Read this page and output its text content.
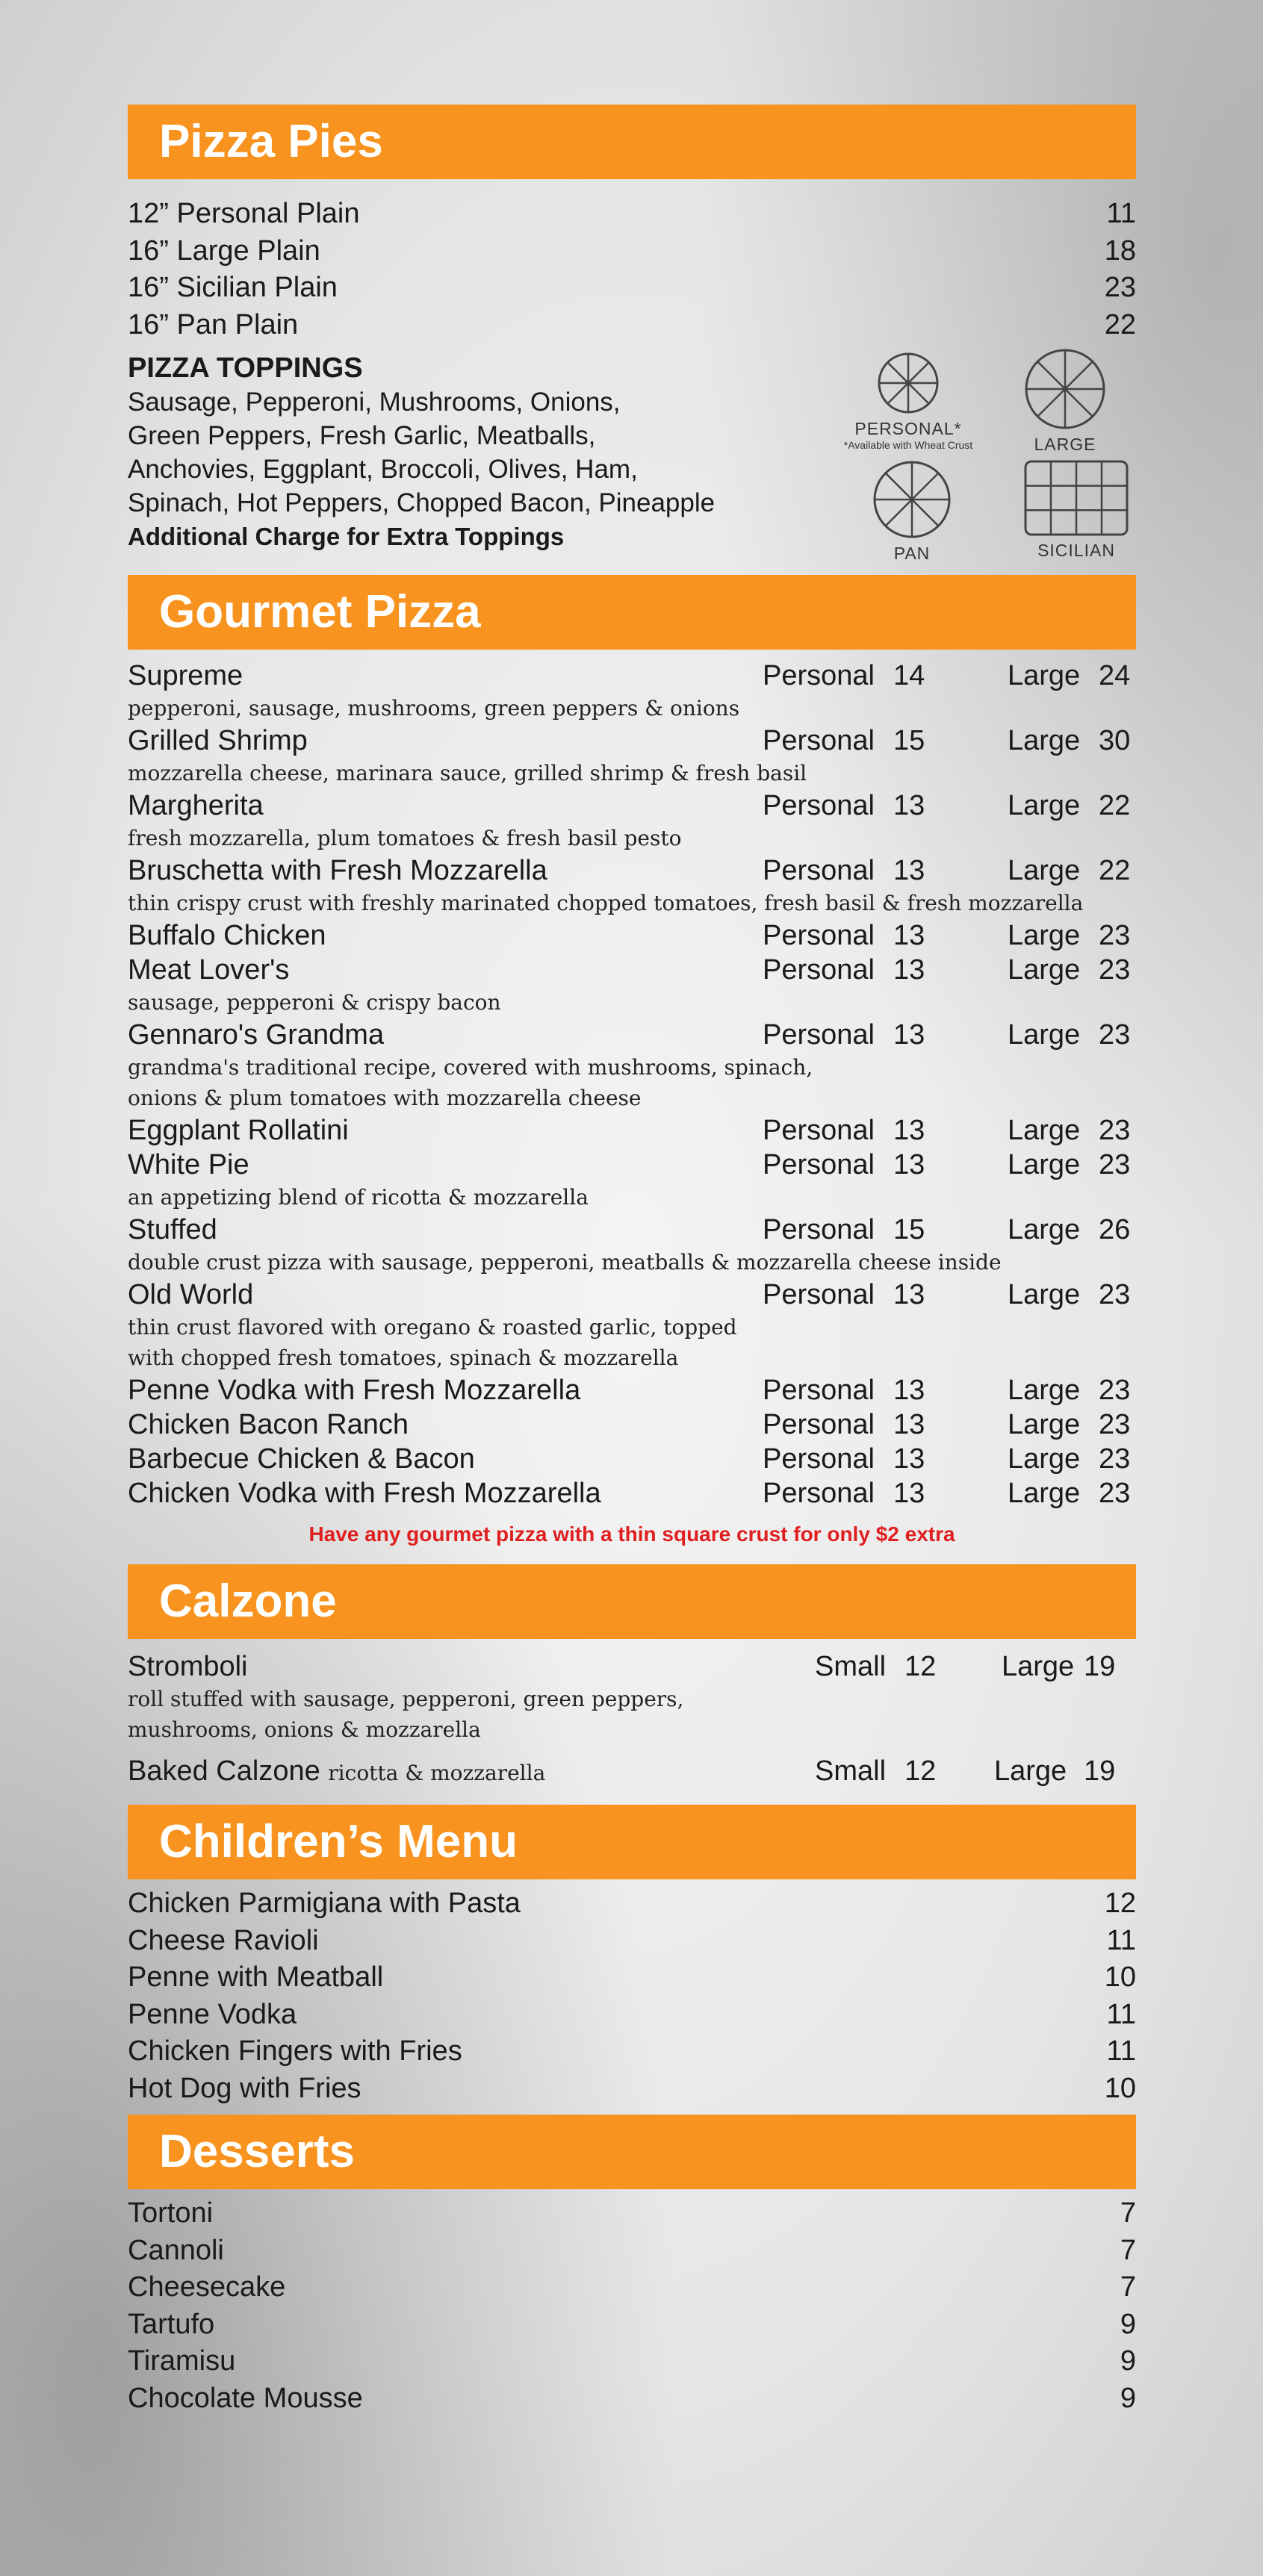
Pizza Pies
12” Personal Plain	11
16” Large Plain	18
16” Sicilian Plain	23
16” Pan Plain	22
PIZZA TOPPINGS
Sausage, Pepperoni, Mushrooms, Onions,
Green Peppers, Fresh Garlic, Meatballs,
Anchovies, Eggplant, Broccoli, Olives, Ham,
Spinach, Hot Peppers, Chopped Bacon, Pineapple
Additional Charge for Extra Toppings
PERSONAL*
*Available with Wheat Crust	LARGE
PAN	SICILIAN
Gourmet Pizza
Supreme	Personal 14	Large 24
pepperoni, sausage, mushrooms, green peppers & onions
Grilled Shrimp	Personal 15	Large 30
mozzarella cheese, marinara sauce, grilled shrimp & fresh basil
Margherita	Personal 13	Large 22
fresh mozzarella, plum tomatoes & fresh basil pesto
Bruschetta with Fresh Mozzarella	Personal 13	Large 22
thin crispy crust with freshly marinated chopped tomatoes, fresh basil & fresh mozzarella
Buffalo Chicken	Personal 13	Large 23
Meat Lover's	Personal 13	Large 23
sausage, pepperoni & crispy bacon
Gennaro's Grandma	Personal 13	Large 23
grandma's traditional recipe, covered with mushrooms, spinach,
onions & plum tomatoes with mozzarella cheese
Eggplant Rollatini	Personal 13	Large 23
White Pie	Personal 13	Large 23
an appetizing blend of ricotta & mozzarella
Stuffed	Personal 15	Large 26
double crust pizza with sausage, pepperoni, meatballs & mozzarella cheese inside
Old World	Personal 13	Large 23
thin crust flavored with oregano & roasted garlic, topped
with chopped fresh tomatoes, spinach & mozzarella
Penne Vodka with Fresh Mozzarella	Personal 13	Large 23
Chicken Bacon Ranch	Personal 13	Large 23
Barbecue Chicken & Bacon	Personal 13	Large 23
Chicken Vodka with Fresh Mozzarella	Personal 13	Large 23
Have any gourmet pizza with a thin square crust for only $2 extra
Calzone
Stromboli	Small 12 Large 19
roll stuffed with sausage, pepperoni, green peppers,
mushrooms, onions & mozzarella
Baked Calzone ricotta & mozzarella	Small 12 Large 19
Children’s Menu
Chicken Parmigiana with Pasta	12
Cheese Ravioli	11
Penne with Meatball	10
Penne Vodka	11
Chicken Fingers with Fries	11
Hot Dog with Fries	10
Desserts
Tortoni	7
Cannoli	7
Cheesecake	7
Tartufo	9
Tiramisu	9
Chocolate Mousse	9
